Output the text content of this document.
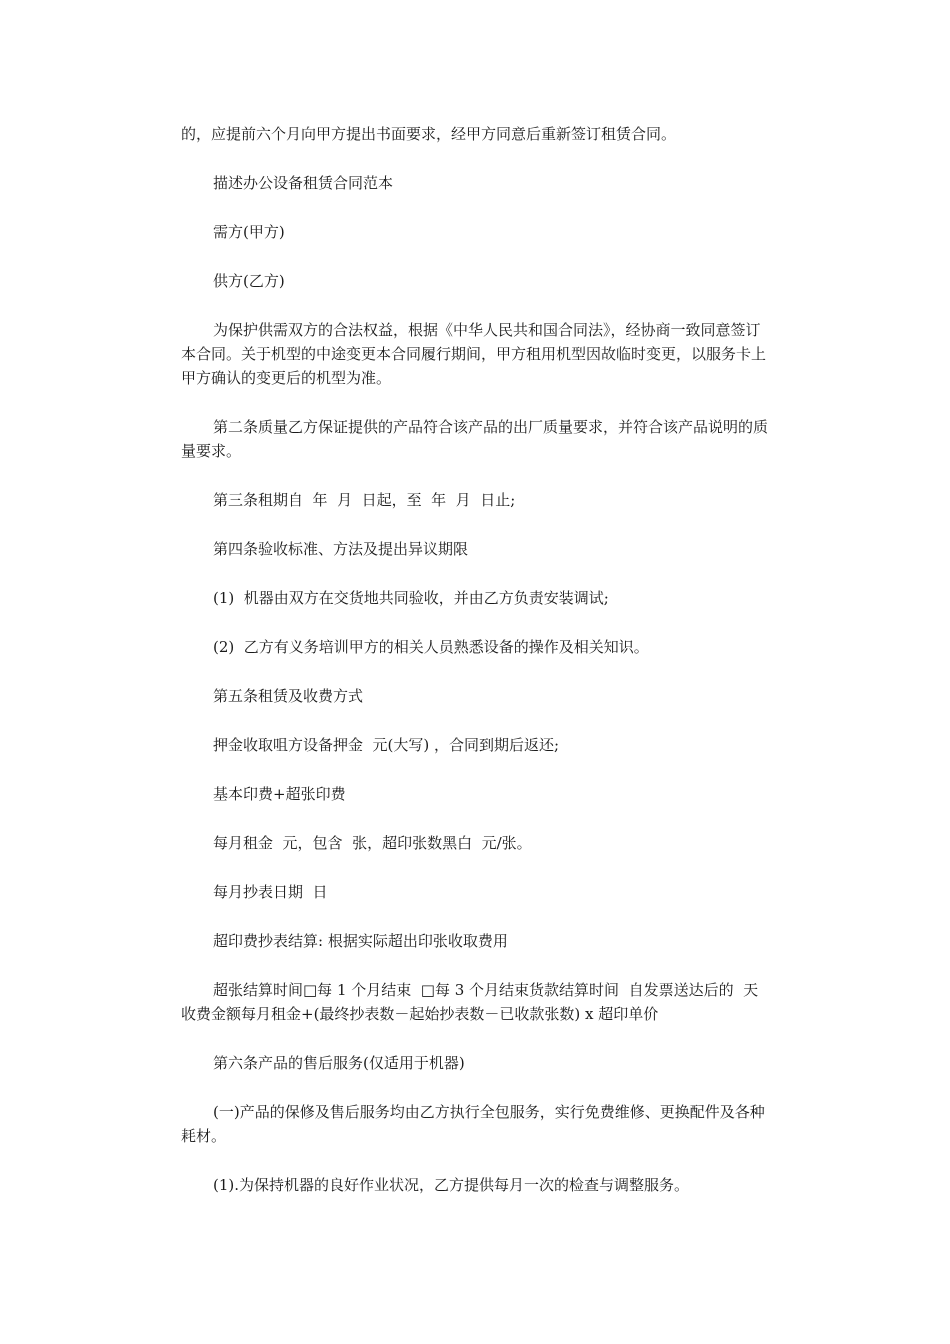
的，应提前六个月向甲方提出书面要求，经甲方同意后重新签订租赁合同。

描述办公设备租赁合同范本

需方(甲方)

供方(乙方)

为保护供需双方的合法权益，根据《中华人民共和国合同法》，经协商一致同意签订本合同。关于机型的中途变更本合同履行期间，甲方租用机型因故临时变更，以服务卡上甲方确认的变更后的机型为准。

第二条质量乙方保证提供的产品符合该产品的出厂质量要求，并符合该产品说明的质量要求。

第三条租期自  年  月  日起，至  年  月  日止;

第四条验收标准、方法及提出异议期限

(1)  机器由双方在交货地共同验收，并由乙方负责安装调试;

(2)  乙方有义务培训甲方的相关人员熟悉设备的操作及相关知识。

第五条租赁及收费方式

押金收取咀方设备押金  元(大写) ，合同到期后返还;

基本印费+超张印费

每月租金  元，包含  张，超印张数黑白  元/张。

每月抄表日期  日

超印费抄表结算: 根据实际超出印张收取费用

超张结算时间□每 1 个月结束  □每 3 个月结束货款结算时间  自发票送达后的  天收费金额每月租金+(最终抄表数－起始抄表数－已收款张数) x 超印单价

第六条产品的售后服务(仅适用于机器)

(一)产品的保修及售后服务均由乙方执行全包服务，实行免费维修、更换配件及各种耗材。

(1).为保持机器的良好作业状况，乙方提供每月一次的检查与调整服务。
